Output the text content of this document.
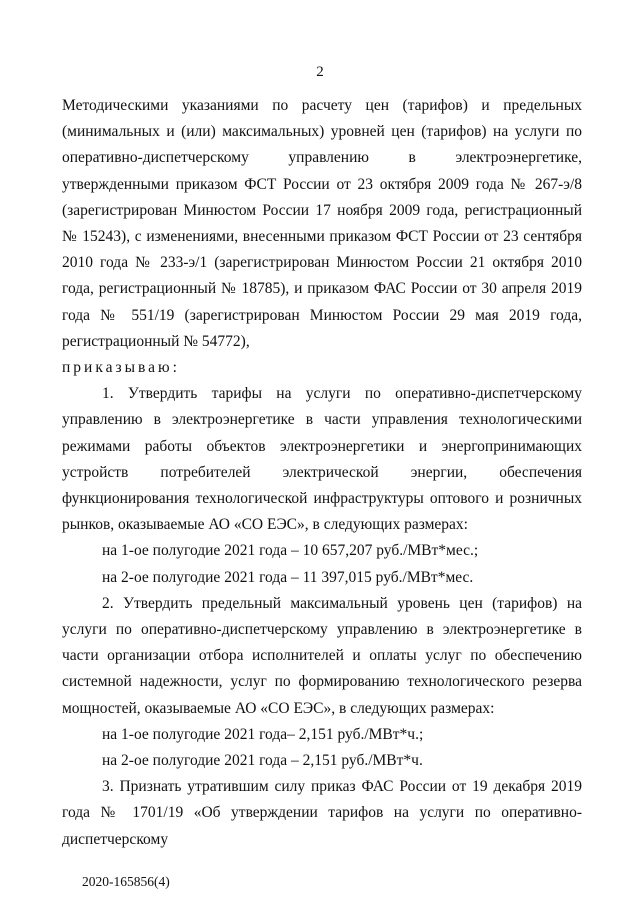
2

Методическими указаниями по расчету цен (тарифов) и предельных (минимальных и (или) максимальных) уровней цен (тарифов) на услуги по оперативно-диспетчерскому управлению в электроэнергетике, утвержденными приказом ФСТ России от 23 октября 2009 года № 267-э/8 (зарегистрирован Минюстом России 17 ноября 2009 года, регистрационный № 15243), с изменениями, внесенными приказом ФСТ России от 23 сентября 2010 года № 233-э/1 (зарегистрирован Минюстом России 21 октября 2010 года, регистрационный № 18785), и приказом ФАС России от 30 апреля 2019 года № 551/19 (зарегистрирован Минюстом России 29 мая 2019 года, регистрационный № 54772),

приказываю:

1. Утвердить тарифы на услуги по оперативно-диспетчерскому управлению в электроэнергетике в части управления технологическими режимами работы объектов электроэнергетики и энергопринимающих устройств потребителей электрической энергии, обеспечения функционирования технологической инфраструктуры оптового и розничных рынков, оказываемые АО «СО ЕЭС», в следующих размерах:

на 1-ое полугодие 2021 года – 10 657,207 руб./МВт*мес.;

на 2-ое полугодие 2021 года – 11 397,015 руб./МВт*мес.

2. Утвердить предельный максимальный уровень цен (тарифов) на услуги по оперативно-диспетчерскому управлению в электроэнергетике в части организации отбора исполнителей и оплаты услуг по обеспечению системной надежности, услуг по формированию технологического резерва мощностей, оказываемые АО «СО ЕЭС», в следующих размерах:

на 1-ое полугодие 2021 года– 2,151 руб./МВт*ч.;

на 2-ое полугодие 2021 года – 2,151 руб./МВт*ч.

3. Признать утратившим силу приказ ФАС России от 19 декабря 2019 года № 1701/19 «Об утверждении тарифов на услуги по оперативно-диспетчерскому

2020-165856(4)
